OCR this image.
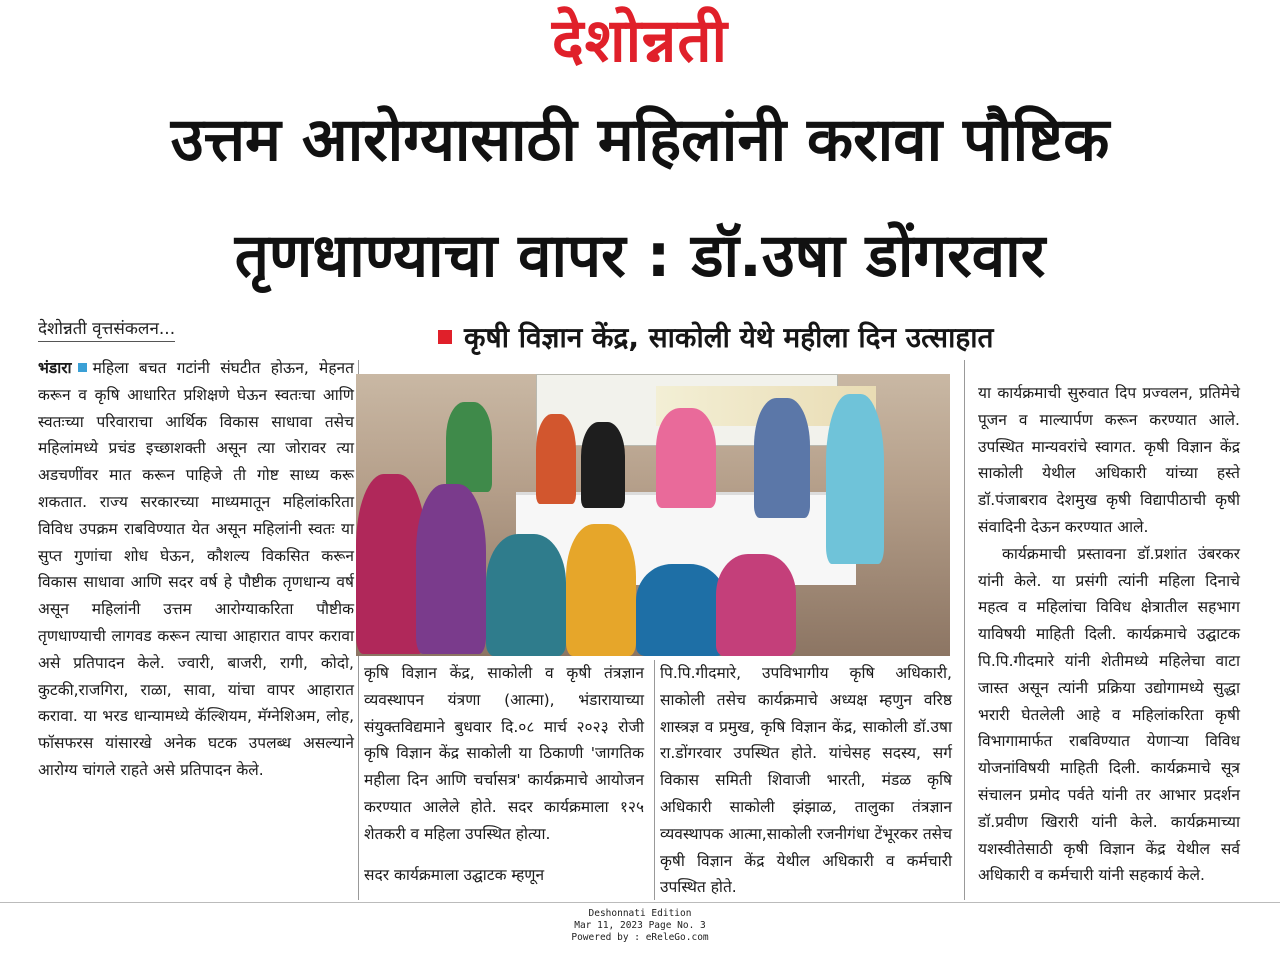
देशोन्नती
उत्तम आरोग्यासाठी महिलांनी करावा पौष्टिक
तृणधाण्याचा वापर : डॉ.उषा डोंगरवार
देशोन्नती वृत्तसंकलन...	कृषी विज्ञान केंद्र, साकोली येथे महीला दिन उत्साहात

भंडारा महिला बचत गटांनी संघटीत होऊन, मेहनत करून व कृषि आधारित प्रशिक्षणे घेऊन स्वतःचा आणि स्वतःच्या परिवाराचा आर्थिक विकास साधावा तसेच महिलांमध्ये प्रचंड इच्छाशक्ती असून त्या जोरावर त्या अडचणींवर मात करून पाहिजे ती गोष्ट साध्य करू शकतात. राज्य सरकारच्या माध्यमातून महिलांकरिता विविध उपक्रम राबविण्यात येत असून महिलांनी स्वतः या सुप्त गुणांचा शोध घेऊन, कौशल्य विकसित करून विकास साधावा आणि सदर वर्ष हे पौष्टीक तृणधान्य वर्ष असून महिलांनी उत्तम आरोग्याकरिता पौष्टीक तृणधाण्याची लागवड करून त्याचा आहारात वापर करावा असे प्रतिपादन केले. ज्वारी, बाजरी, रागी, कोदो, कुटकी,राजगिरा, राळा, सावा, यांचा वापर आहारात करावा. या भरड धान्यामध्ये कॅल्शियम, मॅग्नेशिअम, लोह, फॉसफरस यांसारखे अनेक घटक उपलब्ध असल्याने आरोग्य चांगले राहते असे प्रतिपादन केले.

कृषि विज्ञान केंद्र, साकोली व कृषी तंत्रज्ञान व्यवस्थापन यंत्रणा (आत्मा), भंडारायाच्या संयुक्तविद्यमाने बुधवार दि.०८ मार्च २०२३ रोजी कृषि विज्ञान केंद्र साकोली या ठिकाणी 'जागतिक महीला दिन आणि चर्चासत्र' कार्यक्रमाचे आयोजन करण्यात आलेले होते. सदर कार्यक्रमाला १२५ शेतकरी व महिला उपस्थित होत्या.

सदर कार्यक्रमाला उद्घाटक म्हणून

पि.पि.गीदमारे, उपविभागीय कृषि अधिकारी, साकोली तसेच कार्यक्रमाचे अध्यक्ष म्हणुन वरिष्ठ शास्त्रज्ञ व प्रमुख, कृषि विज्ञान केंद्र, साकोली डॉ.उषा रा.डोंगरवार उपस्थित होते. यांचेसह सदस्य, सर्ग विकास समिती शिवाजी भारती, मंडळ कृषि अधिकारी साकोली झंझाळ, तालुका तंत्रज्ञान व्यवस्थापक आत्मा,साकोली रजनीगंधा टेंभूरकर तसेच कृषी विज्ञान केंद्र येथील अधिकारी व कर्मचारी उपस्थित होते.

या कार्यक्रमाची सुरुवात दिप प्रज्वलन, प्रतिमेचे पूजन व माल्यार्पण करून करण्यात आले. उपस्थित मान्यवरांचे स्वागत. कृषी विज्ञान केंद्र साकोली येथील अधिकारी यांच्या हस्ते डॉ.पंजाबराव देशमुख कृषी विद्यापीठाची कृषी संवादिनी देऊन करण्यात आले.

कार्यक्रमाची प्रस्तावना डॉ.प्रशांत उंबरकर यांनी केले. या प्रसंगी त्यांनी महिला दिनाचे महत्व व महिलांचा विविध क्षेत्रातील सहभाग याविषयी माहिती दिली. कार्यक्रमाचे उद्घाटक पि.पि.गीदमारे यांनी शेतीमध्ये महिलेचा वाटा जास्त असून त्यांनी प्रक्रिया उद्योगामध्ये सुद्धा भरारी घेतलेली आहे व महिलांकरिता कृषी विभागामार्फत राबविण्यात येणाऱ्या विविध योजनांविषयी माहिती दिली. कार्यक्रमाचे सूत्र संचालन प्रमोद पर्वते यांनी तर आभार प्रदर्शन डॉ.प्रवीण खिरारी यांनी केले. कार्यक्रमाच्या यशस्वीतेसाठी कृषी विज्ञान केंद्र येथील सर्व अधिकारी व कर्मचारी यांनी सहकार्य केले.

Deshonnati Edition
Mar 11, 2023 Page No. 3
Powered by : eReleGo.com
